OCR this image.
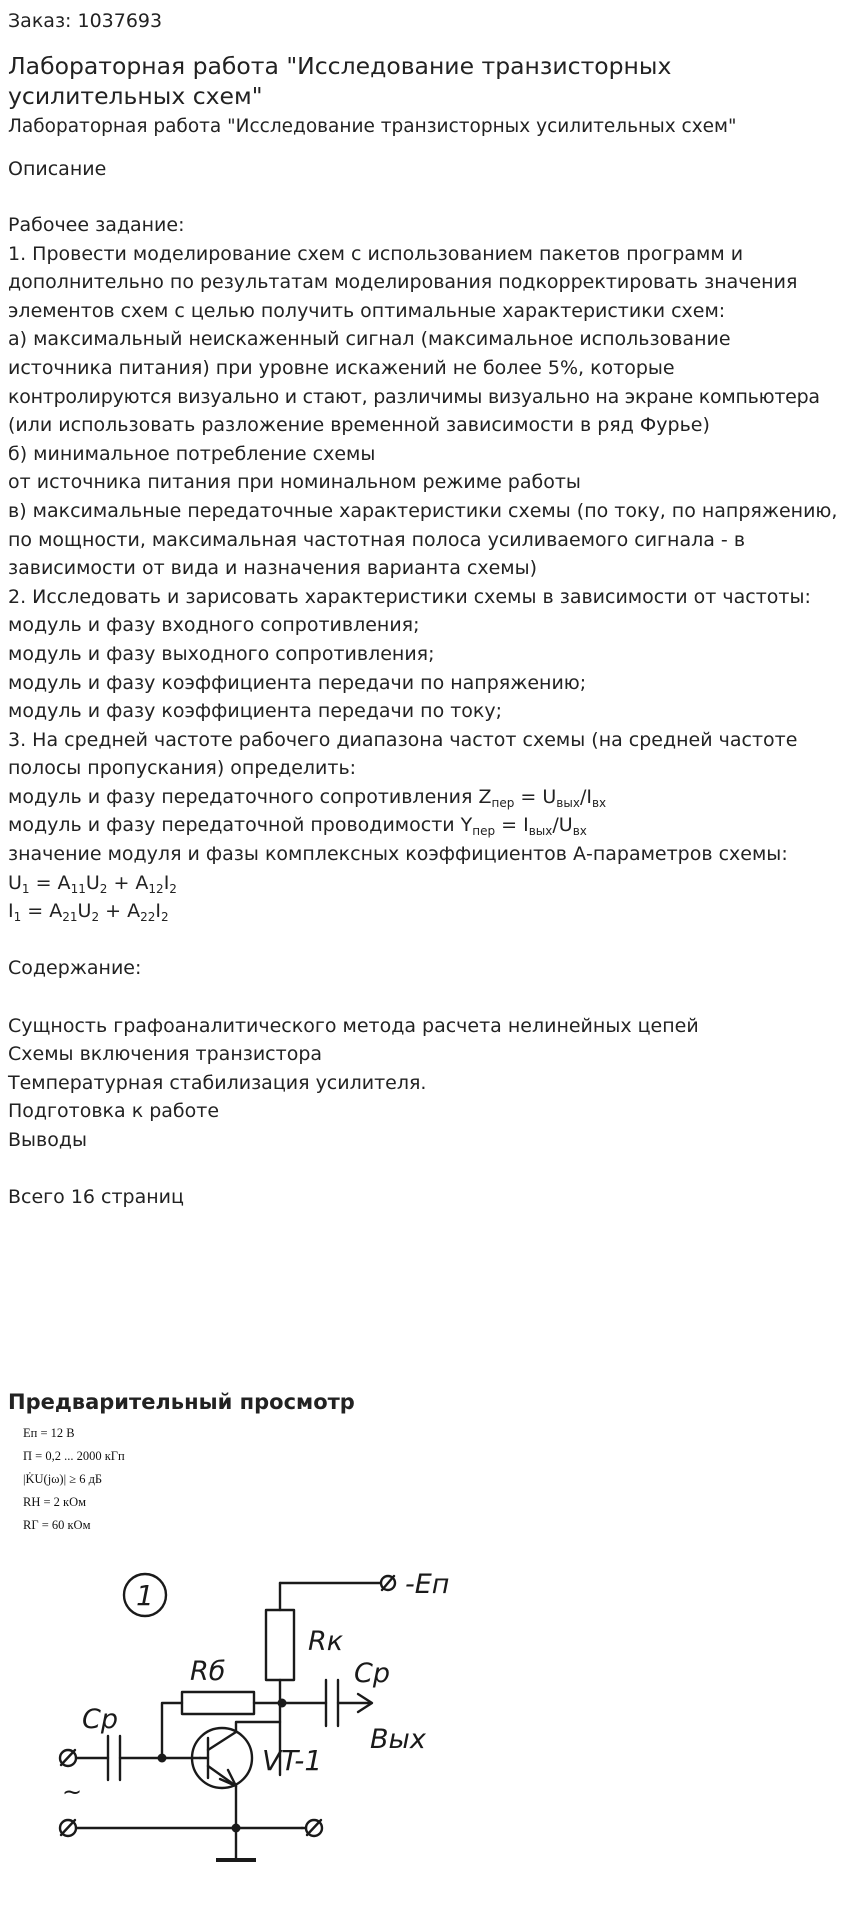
Заказ: 1037693
Лабораторная работа "Исследование транзисторных усилительных схем"
Лабораторная работа "Исследование транзисторных усилительных схем"
Описание
Рабочее задание:
1. Провести моделирование схем с использованием пакетов программ и
дополнительно по результатам моделирования подкорректировать значения
элементов схем с целью получить оптимальные характеристики схем:
а) максимальный неискаженный сигнал (максимальное использование
источника питания) при уровне искажений не более 5%, которые
контролируются визуально и стают, различимы визуально на экране компьютера
(или использовать разложение временной зависимости в ряд Фурье)
б) минимальное потребление схемы
от источника питания при номинальном режиме работы
в) максимальные передаточные характеристики схемы (по току, по напряжению,
по мощности, максимальная частотная полоса усиливаемого сигнала - в
зависимости от вида и назначения варианта схемы)
2. Исследовать и зарисовать характеристики схемы в зависимости от частоты:
модуль и фазу входного сопротивления;
модуль и фазу выходного сопротивления;
модуль и фазу коэффициента передачи по напряжению;
модуль и фазу коэффициента передачи по току;
3. На средней частоте рабочего диапазона частот схемы (на средней частоте
полосы пропускания) определить:
модуль и фазу передаточного сопротивления $Z_{пер} = U_{вых}/I_{вх}$
модуль и фазу передаточной проводимости $Y_{пер} = I_{вых}/U_{вх}$
значение модуля и фазы комплексных коэффициентов А-параметров схемы:
$U_1 = A_{11}U_2 + A_{12}I_2$
$I_1 = A_{21}U_2 + A_{22}I_2$
Содержание:
Сущность графоаналитического метода расчета нелинейных цепей
Схемы включения транзистора
Температурная стабилизация усилителя.
Подготовка к работе
Выводы
Всего 16 страниц
Предварительный просмотр
Eп = 12 В
П = 0,2 ... 2000 кГп
|K̇U(jω)| ≥ 6 дБ
RН = 2 кОм
RГ = 60 кОм
1	-Eп
Rк
Rб	Cр
Вых
Cр
~
VT-1
